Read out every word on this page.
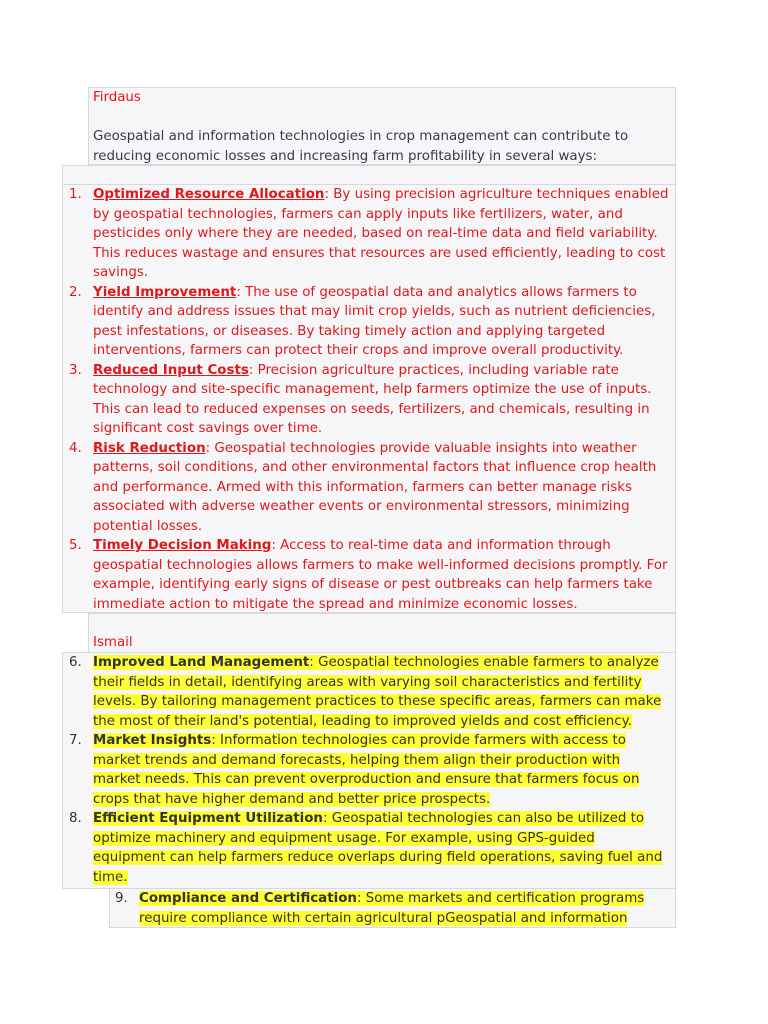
Firdaus

Geospatial and information technologies in crop management can contribute to reducing economic losses and increasing farm profitability in several ways:

1. Optimized Resource Allocation: By using precision agriculture techniques enabled by geospatial technologies, farmers can apply inputs like fertilizers, water, and pesticides only where they are needed, based on real-time data and field variability. This reduces wastage and ensures that resources are used efficiently, leading to cost savings.
2. Yield Improvement: The use of geospatial data and analytics allows farmers to identify and address issues that may limit crop yields, such as nutrient deficiencies, pest infestations, or diseases. By taking timely action and applying targeted interventions, farmers can protect their crops and improve overall productivity.
3. Reduced Input Costs: Precision agriculture practices, including variable rate technology and site-specific management, help farmers optimize the use of inputs. This can lead to reduced expenses on seeds, fertilizers, and chemicals, resulting in significant cost savings over time.
4. Risk Reduction: Geospatial technologies provide valuable insights into weather patterns, soil conditions, and other environmental factors that influence crop health and performance. Armed with this information, farmers can better manage risks associated with adverse weather events or environmental stressors, minimizing potential losses.
5. Timely Decision Making: Access to real-time data and information through geospatial technologies allows farmers to make well-informed decisions promptly. For example, identifying early signs of disease or pest outbreaks can help farmers take immediate action to mitigate the spread and minimize economic losses.
Ismail
6. Improved Land Management: Geospatial technologies enable farmers to analyze their fields in detail, identifying areas with varying soil characteristics and fertility levels. By tailoring management practices to these specific areas, farmers can make the most of their land's potential, leading to improved yields and cost efficiency.
7. Market Insights: Information technologies can provide farmers with access to market trends and demand forecasts, helping them align their production with market needs. This can prevent overproduction and ensure that farmers focus on crops that have higher demand and better price prospects.
8. Efficient Equipment Utilization: Geospatial technologies can also be utilized to optimize machinery and equipment usage. For example, using GPS-guided equipment can help farmers reduce overlaps during field operations, saving fuel and time.
9. Compliance and Certification: Some markets and certification programs require compliance with certain agricultural pGeospatial and information
